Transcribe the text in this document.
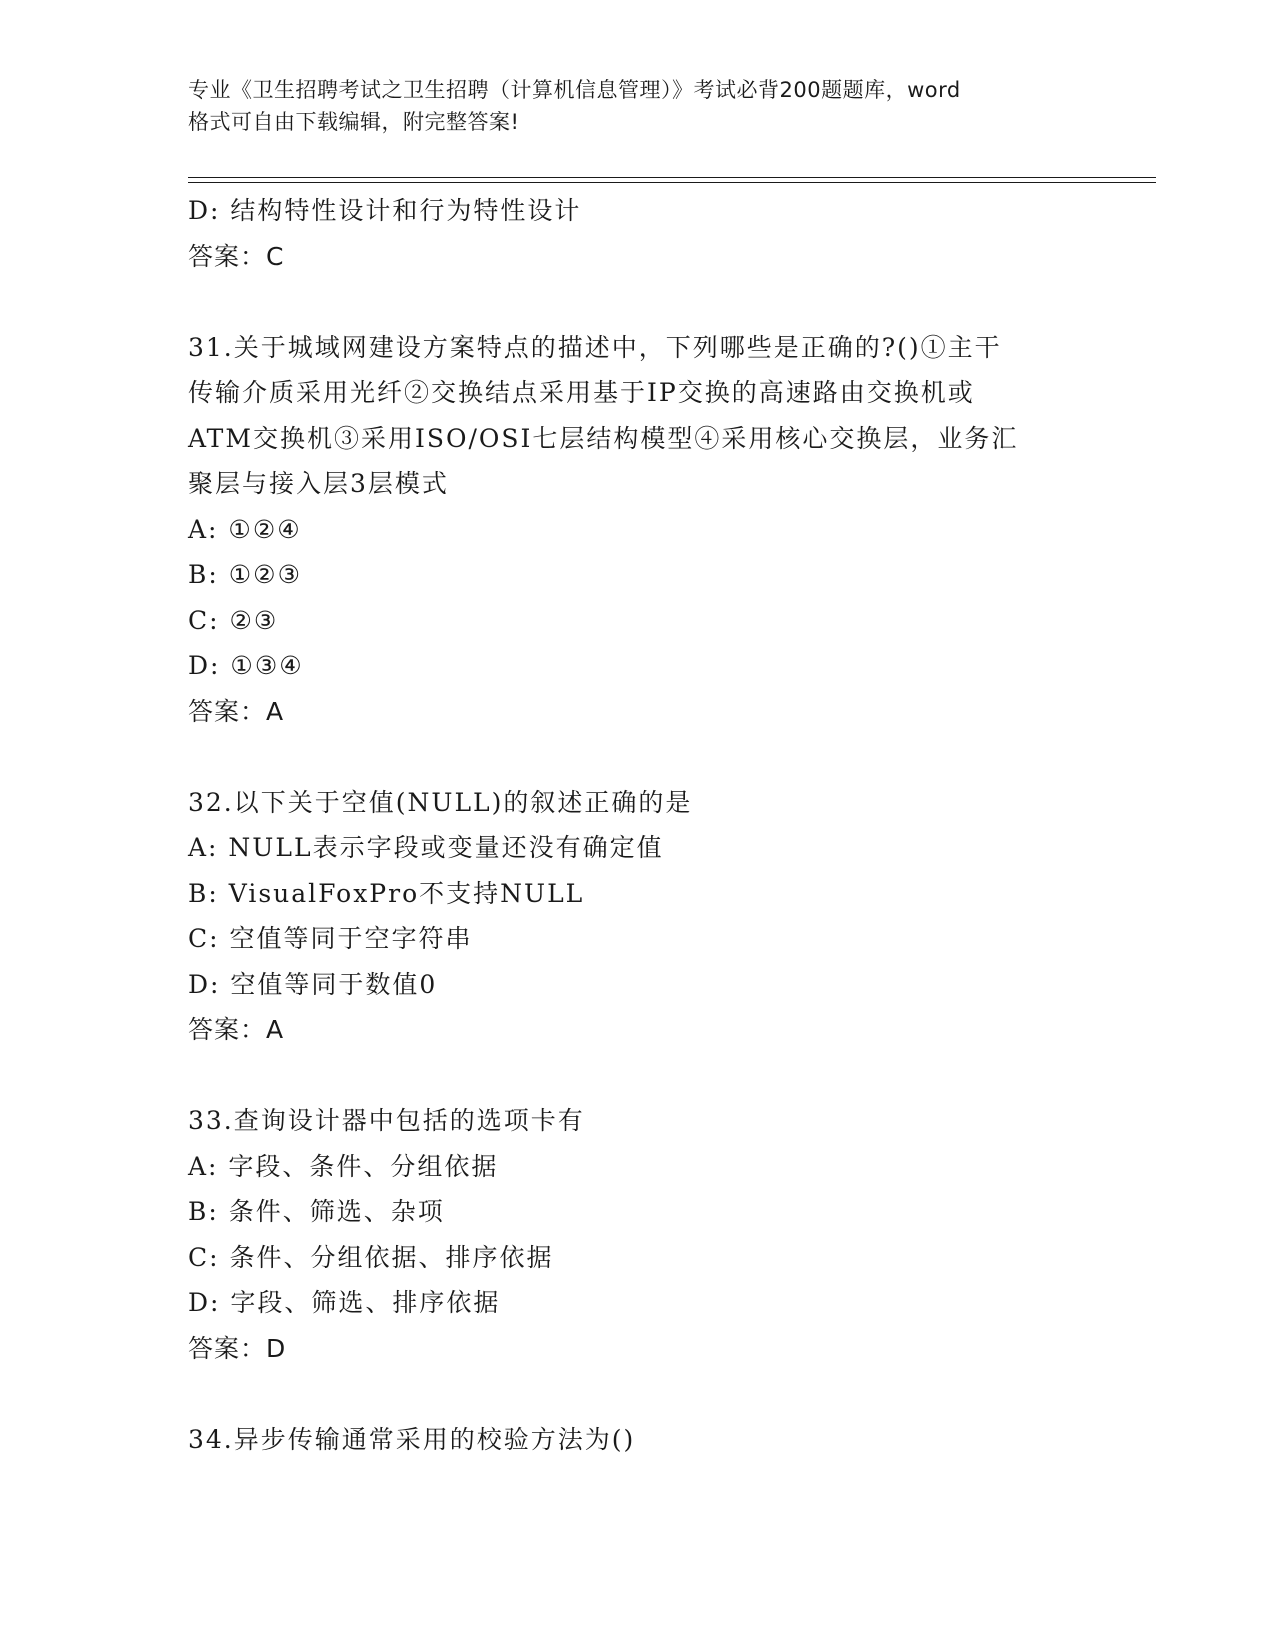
专业《卫生招聘考试之卫生招聘（计算机信息管理）》考试必背200题题库，word
格式可自由下载编辑，附完整答案!
D: 结构特性设计和行为特性设计
答案：C
31.关于城域网建设方案特点的描述中，下列哪些是正确的?()①主干
传输介质采用光纤②交换结点采用基于IP交换的高速路由交换机或
ATM交换机③采用ISO/OSI七层结构模型④采用核心交换层，业务汇
聚层与接入层3层模式
A: ①②④
B: ①②③
C: ②③
D: ①③④
答案：A
32.以下关于空值(NULL)的叙述正确的是
A: NULL表示字段或变量还没有确定值
B: VisualFoxPro不支持NULL
C: 空值等同于空字符串
D: 空值等同于数值0
答案：A
33.查询设计器中包括的选项卡有
A: 字段、条件、分组依据
B: 条件、筛选、杂项
C: 条件、分组依据、排序依据
D: 字段、筛选、排序依据
答案：D
34.异步传输通常采用的校验方法为()
